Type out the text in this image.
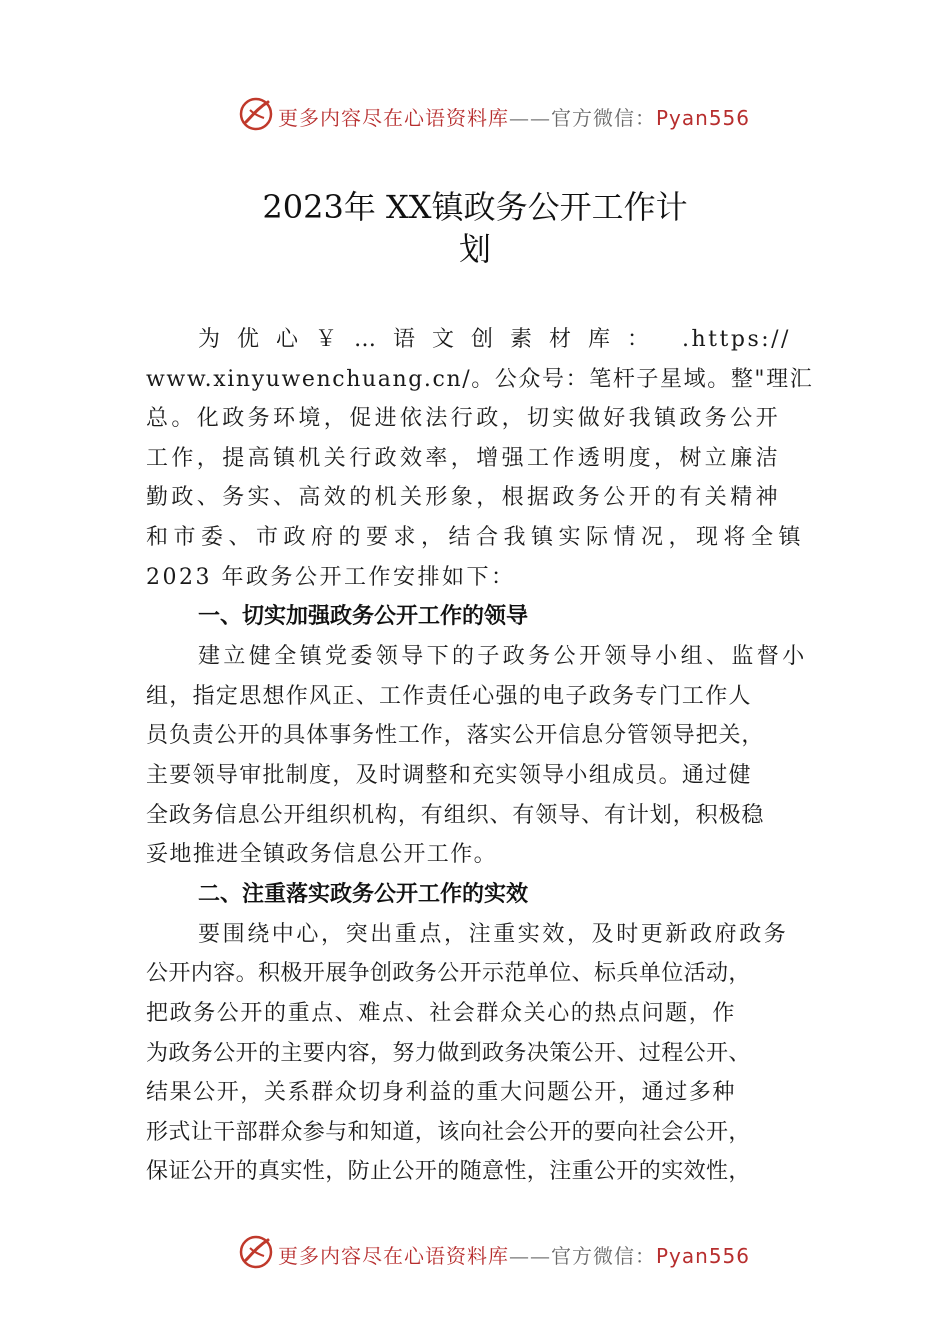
更多内容尽在心语资料库——官方微信：Pyan556
2023年 XX镇政务公开工作计
划
为优心￥…语文创素材库： .https://
www.xinyuwenchuang.cn/。公众号：笔杆子星域。整"理汇
总。化政务环境，促进依法行政，切实做好我镇政务公开
工作，提高镇机关行政效率，增强工作透明度，树立廉洁
勤政、务实、高效的机关形象，根据政务公开的有关精神
和市委、市政府的要求，结合我镇实际情况，现将全镇
2023 年政务公开工作安排如下：
一、切实加强政务公开工作的领导
建立健全镇党委领导下的子政务公开领导小组、监督小
组，指定思想作风正、工作责任心强的电子政务专门工作人
员负责公开的具体事务性工作，落实公开信息分管领导把关，
主要领导审批制度，及时调整和充实领导小组成员。通过健
全政务信息公开组织机构，有组织、有领导、有计划，积极稳
妥地推进全镇政务信息公开工作。
二、注重落实政务公开工作的实效
要围绕中心，突出重点，注重实效，及时更新政府政务
公开内容。积极开展争创政务公开示范单位、标兵单位活动，
把政务公开的重点、难点、社会群众关心的热点问题，作
为政务公开的主要内容，努力做到政务决策公开、过程公开、
结果公开，关系群众切身利益的重大问题公开，通过多种
形式让干部群众参与和知道，该向社会公开的要向社会公开，
保证公开的真实性，防止公开的随意性，注重公开的实效性，
更多内容尽在心语资料库——官方微信：Pyan556
